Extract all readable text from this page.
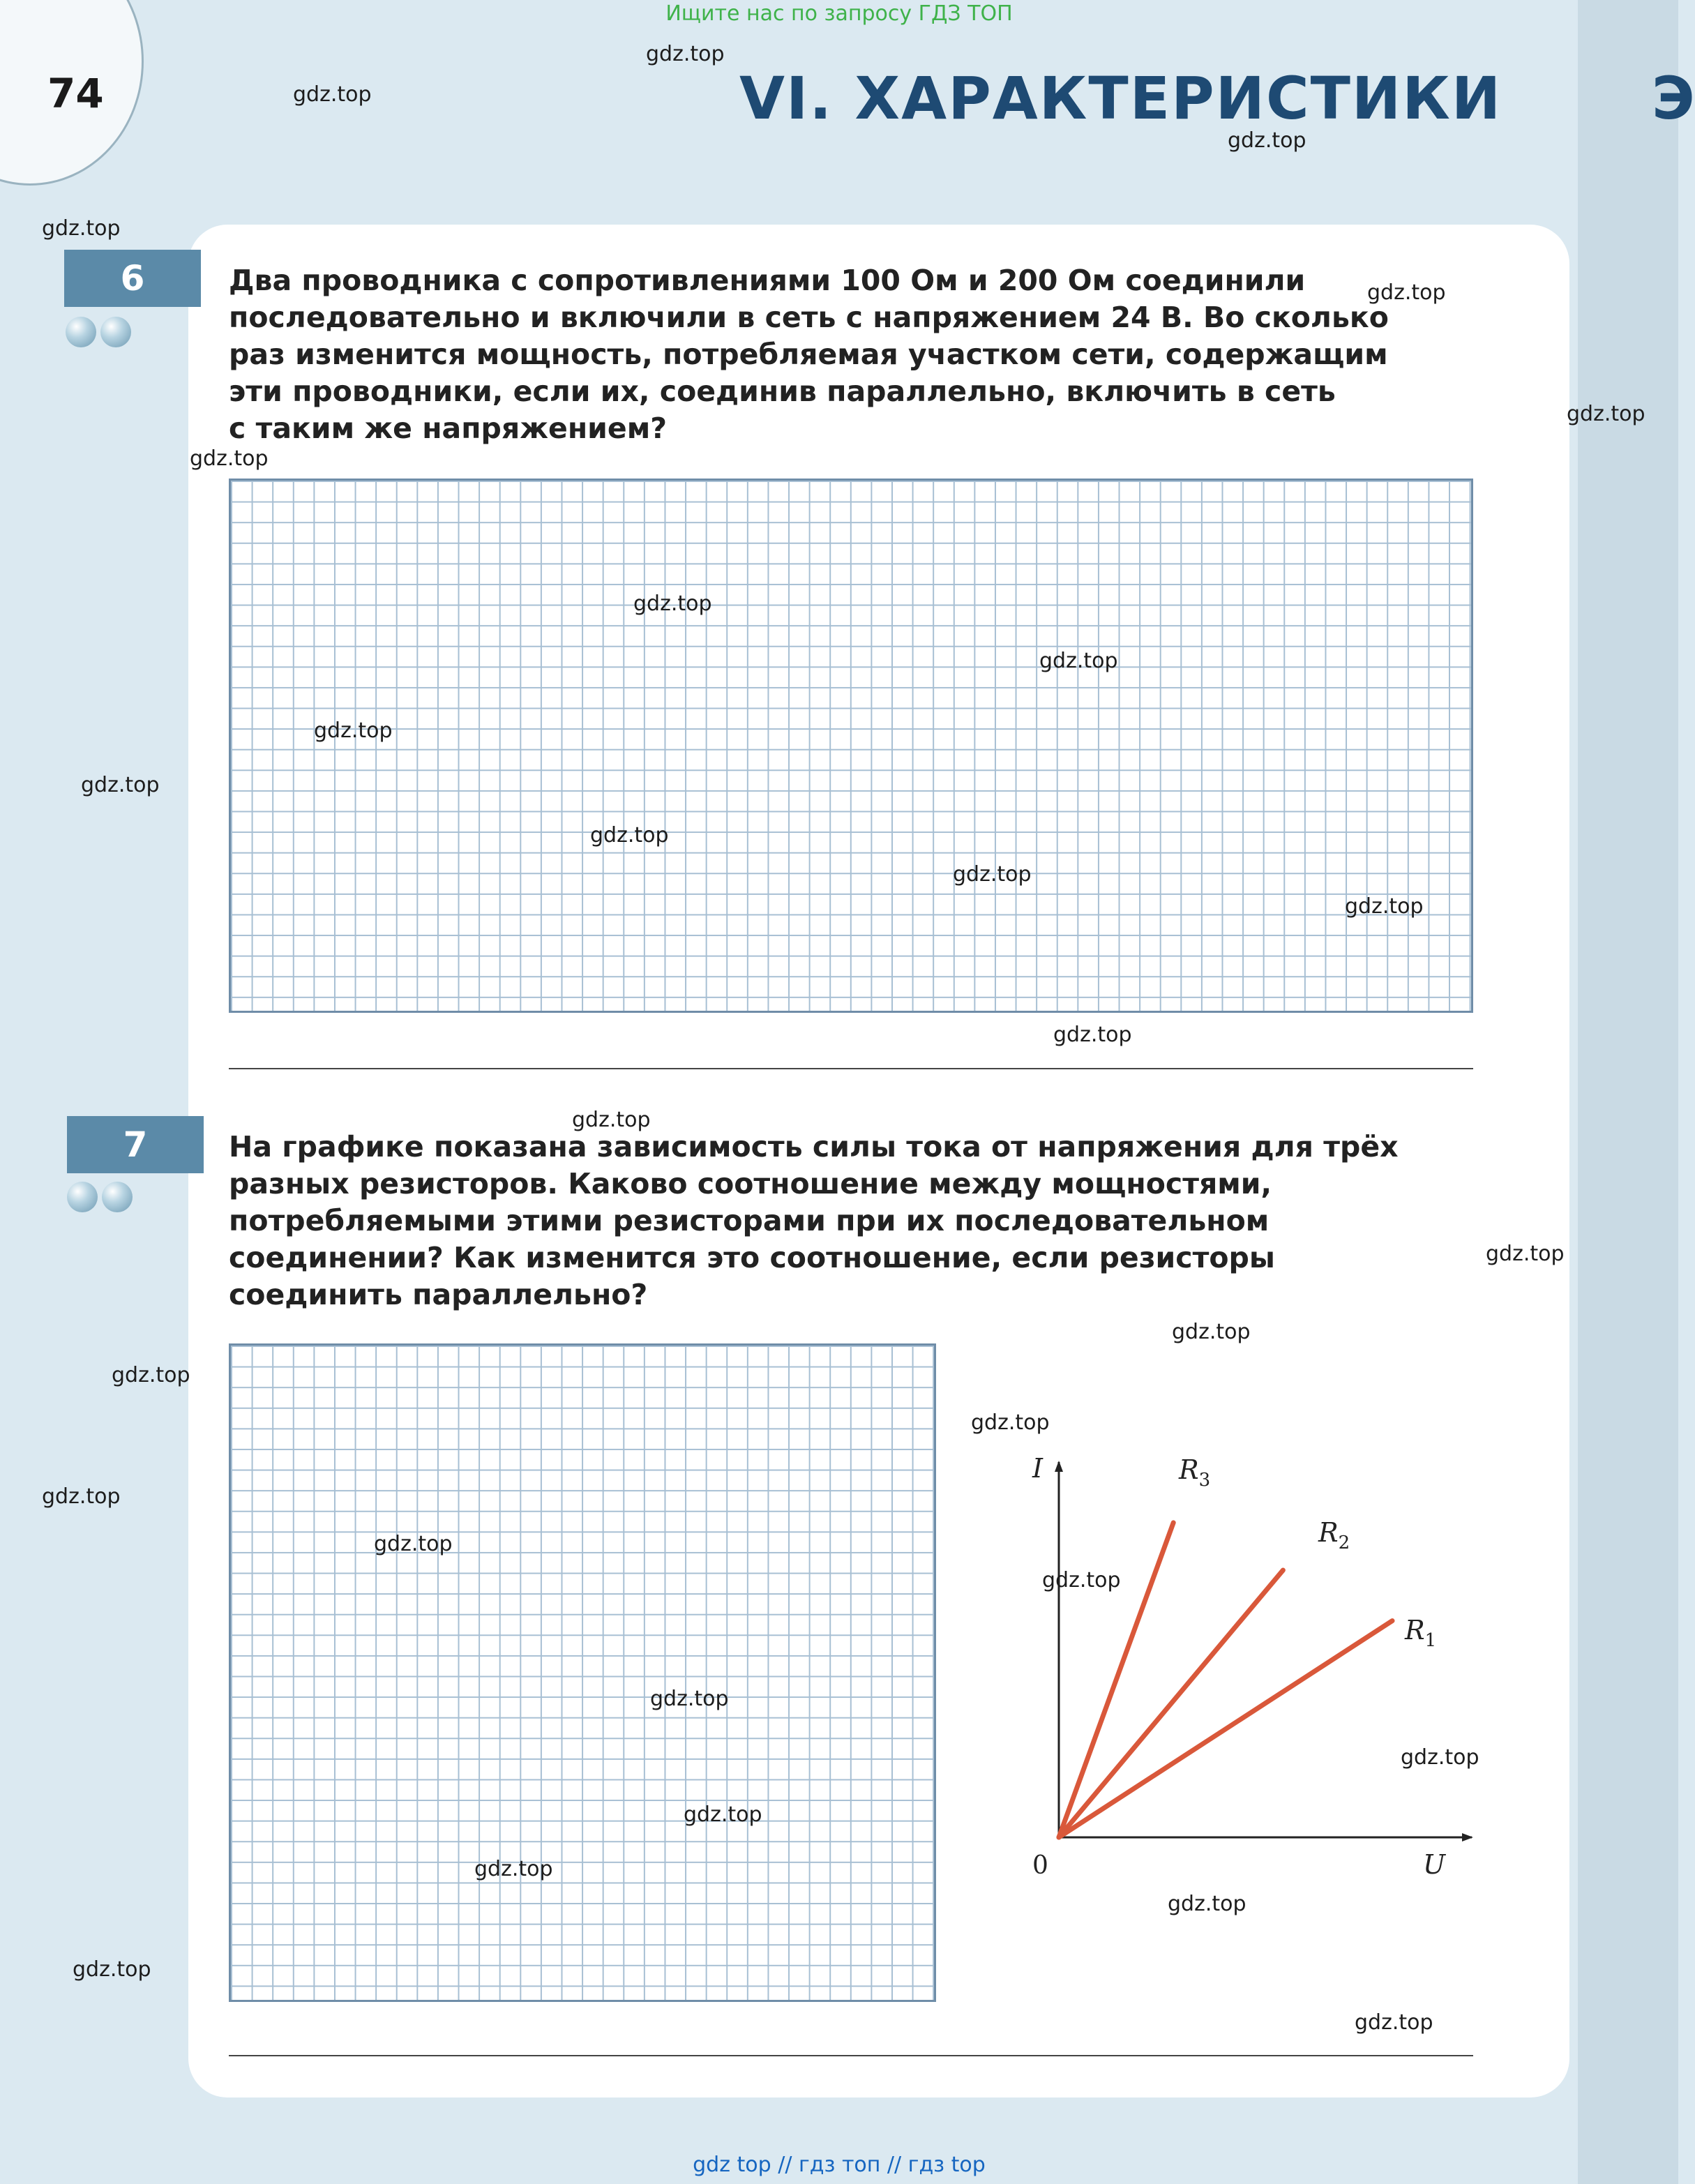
Ищите нас по запросу ГДЗ ТОП
74	VI. ХАРАКТЕРИСТИКИ	Э
6	Два проводника с сопротивлениями 100 Ом и 200 Ом соединили
последовательно и включили в сеть с напряжением 24 В. Во сколько
раз изменится мощность, потребляемая участком сети, содержащим
эти проводники, если их, соединив параллельно, включить в сеть
с таким же напряжением?
7	На графике показана зависимость силы тока от напряжения для трёх
разных резисторов. Каково соотношение между мощностями,
потребляемыми этими резисторами при их последовательном
соединении? Как изменится это соотношение, если резисторы
соединить параллельно?
$R_3$
$R_2$
$R_1$
I
U
0
gdz.top
gdz.top
gdz.top
gdz.top
gdz.top
gdz.top
gdz.top
gdz.top
gdz.top
gdz.top
gdz.top
gdz.top
gdz.top
gdz.top
gdz.top
gdz.top
gdz.top
gdz.top
gdz.top
gdz.top
gdz.top
gdz.top
gdz.top
gdz.top
gdz.top
gdz.top
gdz.top
gdz.top
gdz.top
gdz.top
gdz top // гдз топ // гдз top
